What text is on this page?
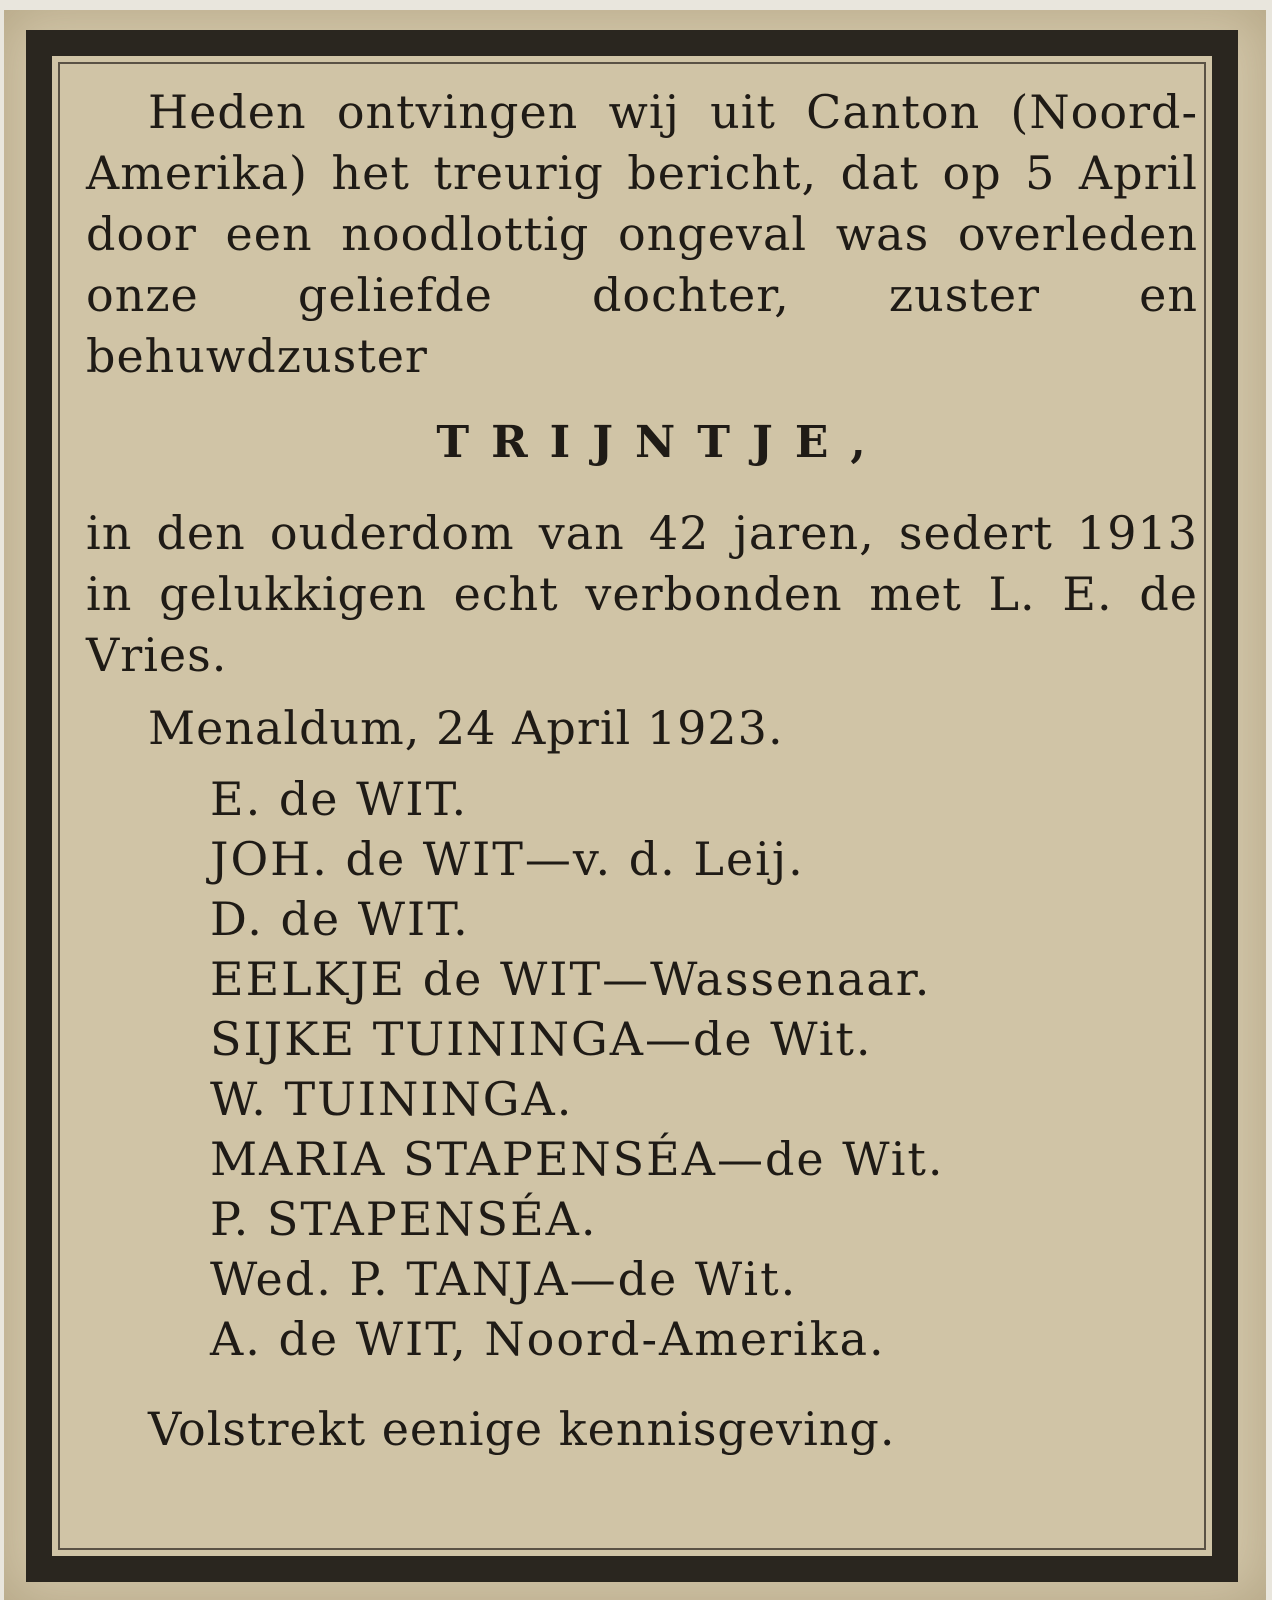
Heden ontvingen wij uit Canton (Noord-Amerika) het treurig bericht, dat op 5 April door een noodlottig ongeval was overleden onze geliefde dochter, zuster en behuwdzuster

TRIJNTJE,

in den ouderdom van 42 jaren, sedert 1913 in gelukkigen echt verbonden met L. E. de Vries.

Menaldum, 24 April 1923.
E. de WIT.
JOH. de WIT—v. d. Leij.
D. de WIT.
EELKJE de WIT—Wassenaar.
SIJKE TUININGA—de Wit.
W. TUININGA.
MARIA STAPENSÉA—de Wit.
P. STAPENSÉA.
Wed. P. TANJA—de Wit.
A. de WIT, Noord-Amerika.
Volstrekt eenige kennisgeving.
